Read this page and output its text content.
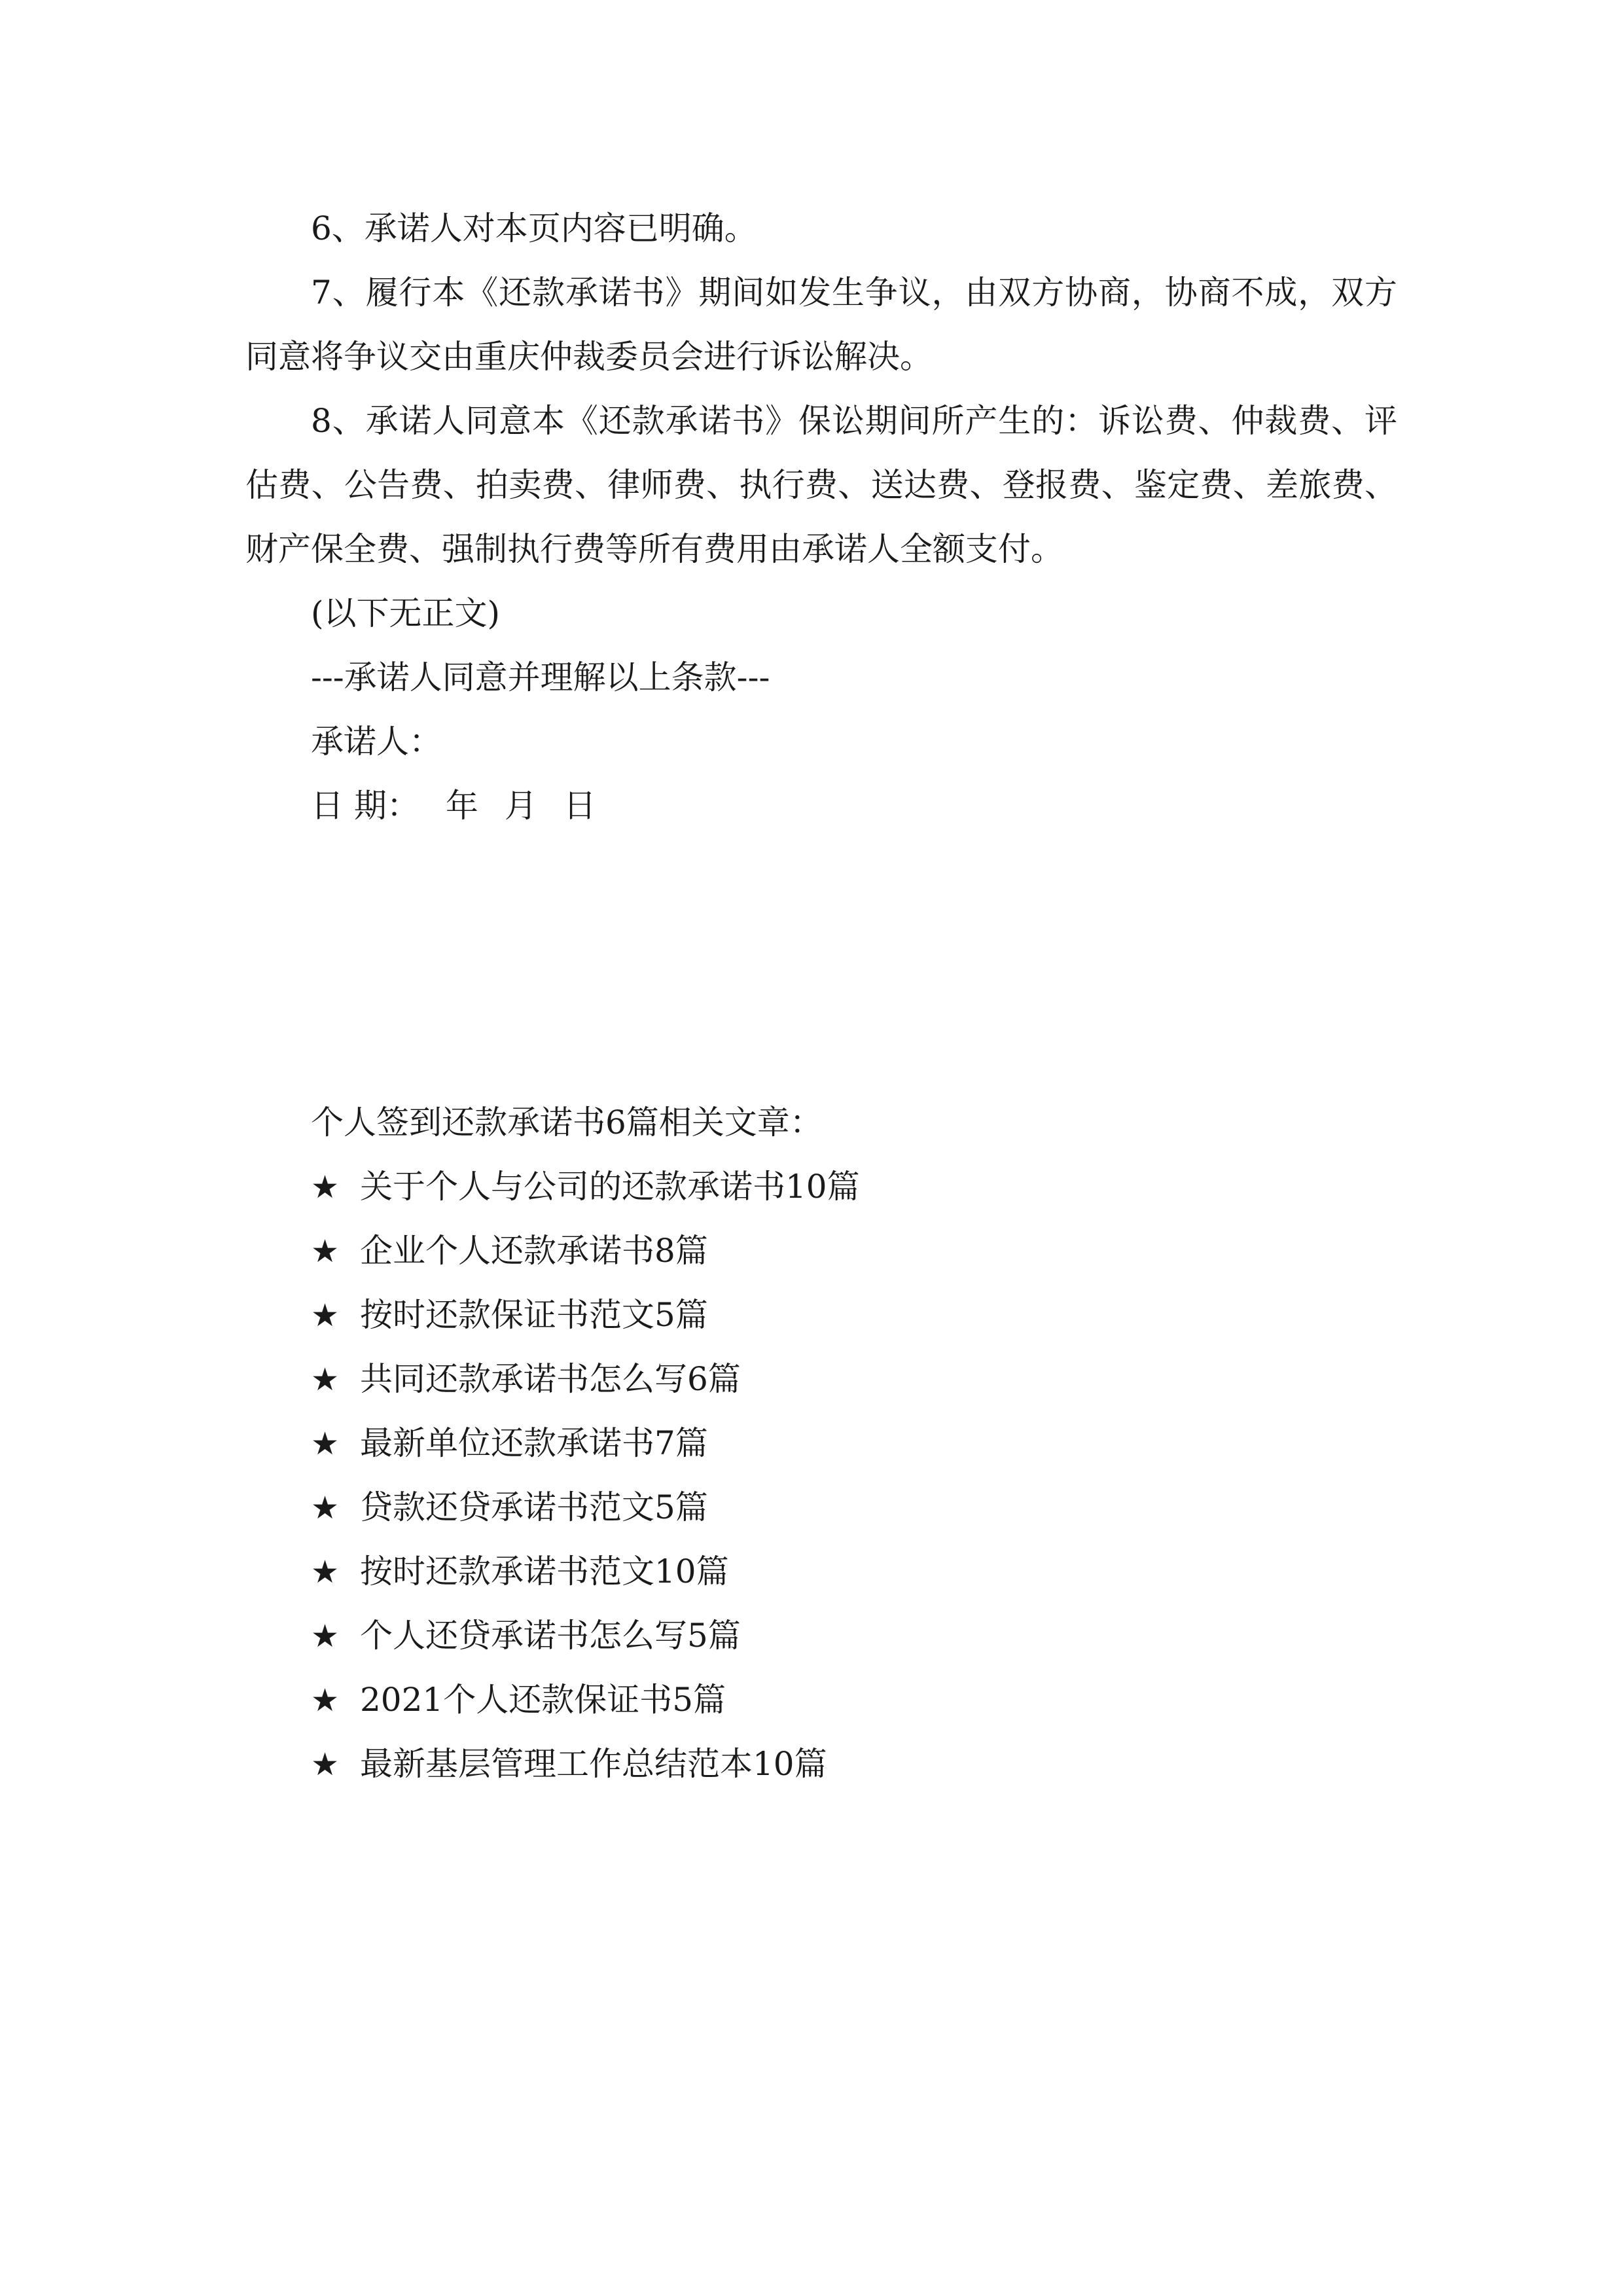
6、承诺人对本页内容已明确。

7、履行本《还款承诺书》期间如发生争议，由双方协商，协商不成，双方同意将争议交由重庆仲裁委员会进行诉讼解决。

8、承诺人同意本《还款承诺书》保讼期间所产生的：诉讼费、仲裁费、评估费、公告费、拍卖费、律师费、执行费、送达费、登报费、鉴定费、差旅费、财产保全费、强制执行费等所有费用由承诺人全额支付。

(以下无正文)

---承诺人同意并理解以上条款---

承诺人：

日 期： 年 月 日

个人签到还款承诺书6篇相关文章：

★ 关于个人与公司的还款承诺书10篇
★ 企业个人还款承诺书8篇
★ 按时还款保证书范文5篇
★ 共同还款承诺书怎么写6篇
★ 最新单位还款承诺书7篇
★ 贷款还贷承诺书范文5篇
★ 按时还款承诺书范文10篇
★ 个人还贷承诺书怎么写5篇
★ 2021个人还款保证书5篇
★ 最新基层管理工作总结范本10篇
